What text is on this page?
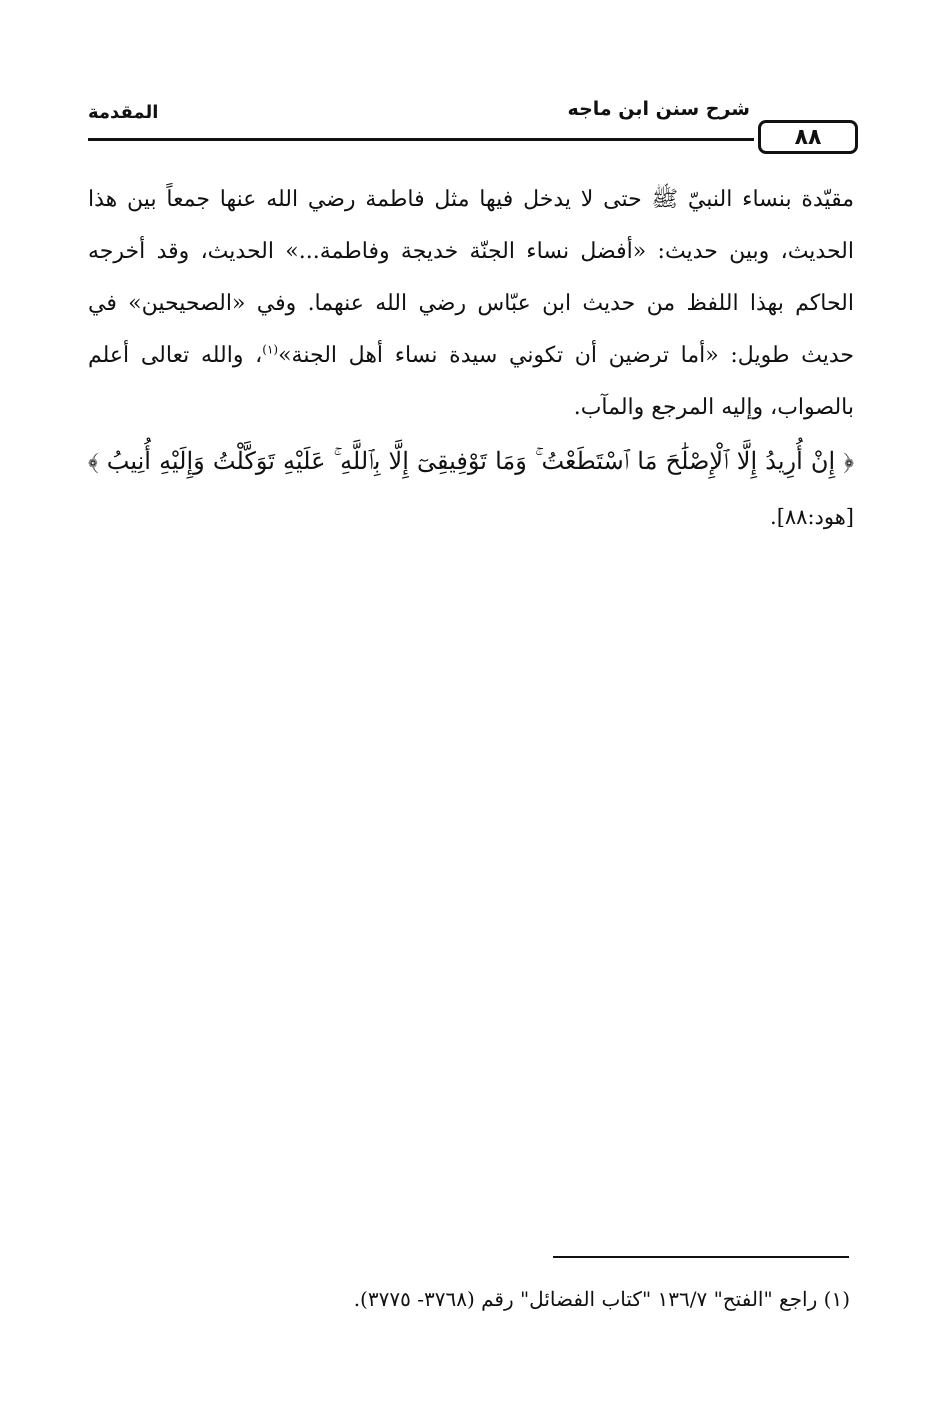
المقدمة	شرح سنن ابن ماجه
٨٨

مقيّدة بنساء النبيّ ﷺ حتى لا يدخل فيها مثل فاطمة رضي الله عنها جمعاً بين هذا الحديث، وبين حديث: «أفضل نساء الجنّة خديجة وفاطمة...» الحديث، وقد أخرجه الحاكم بهذا اللفظ من حديث ابن عبّاس رضي الله عنهما. وفي «الصحيحين» في حديث طويل: «أما ترضين أن تكوني سيدة نساء أهل الجنة»$^{(١)}$، والله تعالى أعلم بالصواب، وإليه المرجع والمآب.

﴿ إِنْ أُرِيدُ إِلَّا ٱلْإِصْلَٰحَ مَا ٱسْتَطَعْتُ ۚ وَمَا تَوْفِيقِىٓ إِلَّا بِٱللَّهِ ۚ عَلَيْهِ تَوَكَّلْتُ وَإِلَيْهِ أُنِيبُ ﴾ [هود:٨٨].

(١) راجع "الفتح" ١٣٦/٧ "كتاب الفضائل" رقم (٣٧٦٨- ٣٧٧٥).
